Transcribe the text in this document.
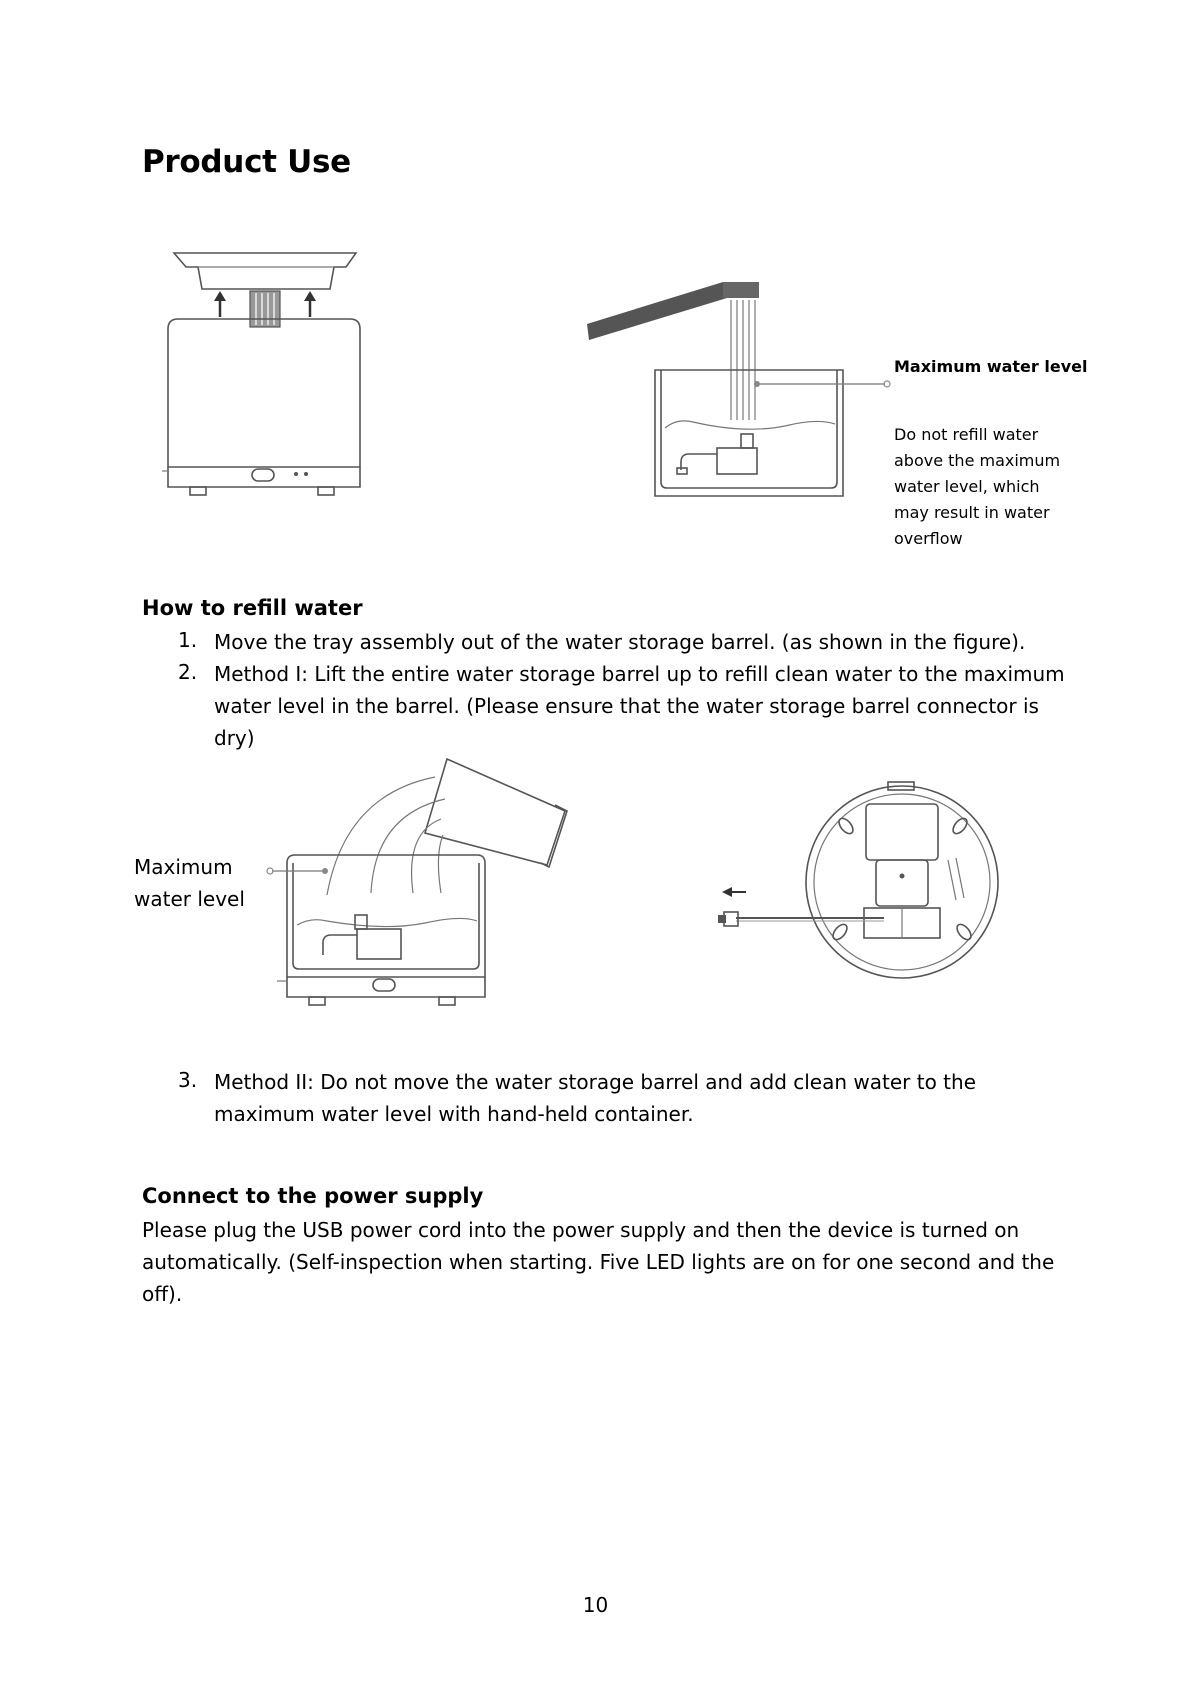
Product Use
Maximum water level
Do not refill water above the maximum water level, which may result in water overflow
How to refill water
1. Move the tray assembly out of the water storage barrel. (as shown in the figure).
2. Method I: Lift the entire water storage barrel up to refill clean water to the maximum water level in the barrel. (Please ensure that the water storage barrel connector is dry)
Maximum water level
3. Method II: Do not move the water storage barrel and add clean water to the maximum water level with hand-held container.
Connect to the power supply
Please plug the USB power cord into the power supply and then the device is turned on automatically. (Self-inspection when starting. Five LED lights are on for one second and the off).
10
